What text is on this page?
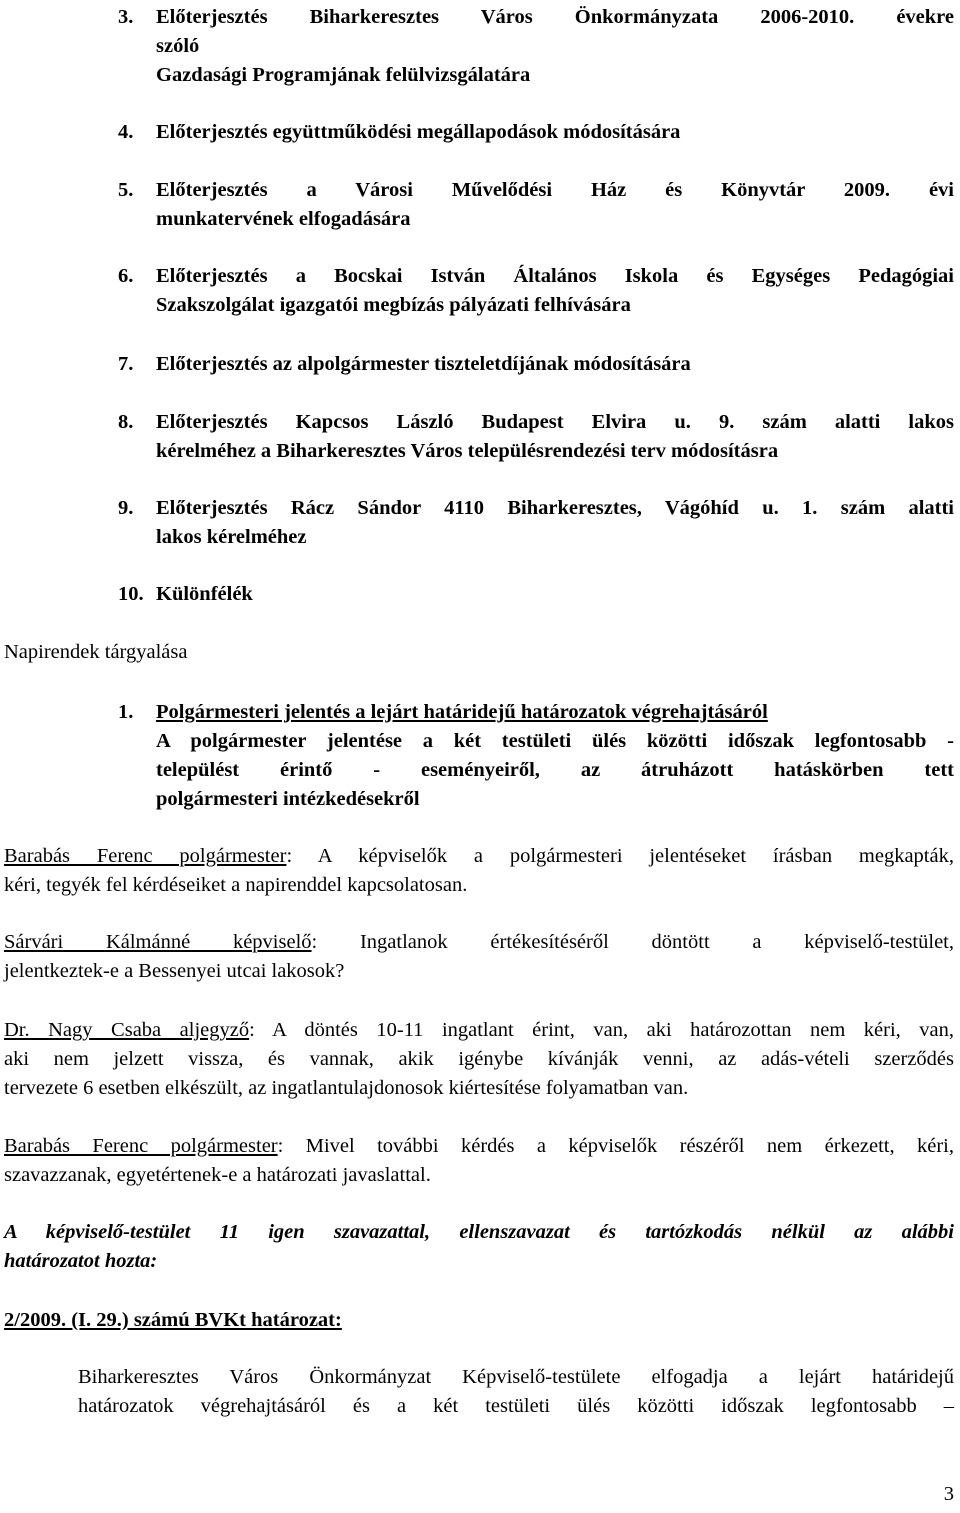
3. Előterjesztés Biharkeresztes Város Önkormányzata 2006-2010. évekre
szóló
Gazdasági Programjának felülvizsgálatára
4. Előterjesztés együttműködési megállapodások módosítására
5. Előterjesztés a Városi Művelődési Ház és Könyvtár 2009. évi
munkatervének elfogadására
6. Előterjesztés a Bocskai István Általános Iskola és Egységes Pedagógiai
Szakszolgálat igazgatói megbízás pályázati felhívására
7. Előterjesztés az alpolgármester tiszteletdíjának módosítására
8. Előterjesztés Kapcsos László Budapest Elvira u. 9. szám alatti lakos
kérelméhez a Biharkeresztes Város településrendezési terv módosításra
9. Előterjesztés Rácz Sándor 4110 Biharkeresztes, Vágóhíd u. 1. szám alatti
lakos kérelméhez
10. Különfélék
Napirendek tárgyalása
1. Polgármesteri jelentés a lejárt határidejű határozatok végrehajtásáról
A polgármester jelentése a két testületi ülés közötti időszak legfontosabb -
települést érintő - eseményeiről, az átruházott hatáskörben tett
polgármesteri intézkedésekről
Barabás Ferenc polgármester: A képviselők a polgármesteri jelentéseket írásban megkapták,
kéri, tegyék fel kérdéseiket a napirenddel kapcsolatosan.
Sárvári Kálmánné képviselő: Ingatlanok értékesítéséről döntött a képviselő-testület,
jelentkeztek-e a Bessenyei utcai lakosok?
Dr. Nagy Csaba aljegyző: A döntés 10-11 ingatlant érint, van, aki határozottan nem kéri, van,
aki nem jelzett vissza, és vannak, akik igénybe kívánják venni, az adás-vételi szerződés
tervezete 6 esetben elkészült, az ingatlantulajdonosok kiértesítése folyamatban van.
Barabás Ferenc polgármester: Mivel további kérdés a képviselők részéről nem érkezett, kéri,
szavazzanak, egyetértenek-e a határozati javaslattal.
A képviselő-testület 11 igen szavazattal, ellenszavazat és tartózkodás nélkül az alábbi
határozatot hozta:
2/2009. (I. 29.) számú BVKt határozat:
Biharkeresztes Város Önkormányzat Képviselő-testülete elfogadja a lejárt határidejű
határozatok végrehajtásáról és a két testületi ülés közötti időszak legfontosabb –
3
